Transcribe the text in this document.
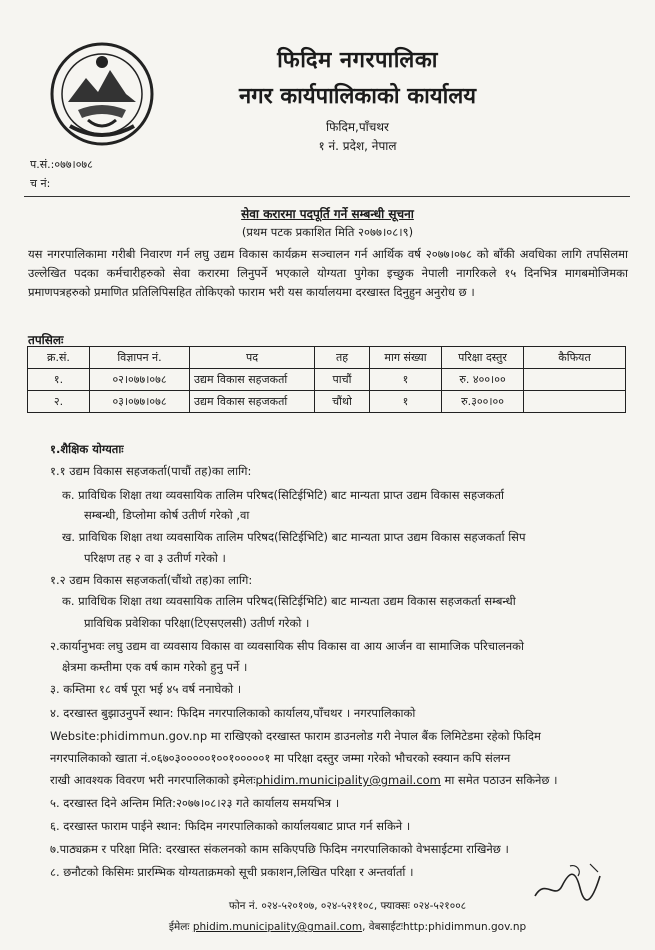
फिदिम नगरपालिका
नगर कार्यपालिकाको कार्यालय
फिदिम,पाँचथर
१ नं. प्रदेश, नेपाल
प.सं.:०७७।०७८
च नं:
सेवा करारमा पदपूर्ति गर्ने सम्बन्धी सूचना
(प्रथम पटक प्रकाशित मिति २०७७।०८।९)
यस नगरपालिकामा गरीबी निवारण गर्न लघु उद्यम विकास कार्यक्रम सञ्चालन गर्न आर्थिक वर्ष २०७७।०७८ को बाँकी अवधिका लागि तपसिलमा उल्लेखित पदका कर्मचारीहरुको सेवा करारमा लिनुपर्ने भएकाले योग्यता पुगेका इच्छुक नेपाली नागरिकले १५ दिनभित्र मागबमोजिमका प्रमाणपत्रहरुको प्रमाणित प्रतिलिपिसहित तोकिएको फाराम भरी यस कार्यालयमा दरखास्त दिनुहुन अनुरोध छ ।
तपसिलः
क्र.सं.	विज्ञापन नं.	पद	तह	माग संख्या	परिक्षा दस्तुर	कैफियत
१.	०२।०७७।०७८	उद्यम विकास सहजकर्ता	पाचौं	१	रु. ४००।००	
२.	०३।०७७।०७८	उद्यम विकास सहजकर्ता	चौंथो	१	रु.३००।००	
१.शैक्षिक योग्यताः
१.१ उद्यम विकास सहजकर्ता(पाचौं तह)का लागि:
क. प्राविधिक शिक्षा तथा व्यवसायिक तालिम परिषद(सिटिईभिटि) बाट मान्यता प्राप्त उद्यम विकास सहजकर्ता
सम्बन्धी, डिप्लोमा कोर्ष उतीर्ण गरेको ,वा
ख. प्राविधिक शिक्षा तथा व्यवसायिक तालिम परिषद(सिटिईभिटि) बाट मान्यता प्राप्त उद्यम विकास सहजकर्ता सिप
परिक्षण तह २ वा ३ उतीर्ण गरेको ।
१.२ उद्यम विकास सहजकर्ता(चौंथो तह)का लागि:
क. प्राविधिक शिक्षा तथा व्यवसायिक तालिम परिषद(सिटिईभिटि) बाट मान्यता उद्यम विकास सहजकर्ता सम्बन्धी
प्राविधिक प्रवेशिका परिक्षा(टिएसएलसी) उतीर्ण गरेको ।
२.कार्यानुभवः लघु उद्यम वा व्यवसाय विकास वा व्यवसायिक सीप विकास वा आय आर्जन वा सामाजिक परिचालनको
क्षेत्रमा कम्तीमा एक वर्ष काम गरेको हुनु पर्ने ।
३. कम्तिमा १८ वर्ष पूरा भई ४५ वर्ष ननाघेको ।
४. दरखास्त बुझाउनुपर्ने स्थान: फिदिम नगरपालिकाको कार्यालय,पाँचथर । नगरपालिकाको
Website:phidimmun.gov.np मा राखिएको दरखास्त फाराम डाउनलोड गरी नेपाल बैंक लिमिटेडमा रहेको फिदिम
नगरपालिकाको खाता नं.०६७०३०००००१००१०००००१ मा परिक्षा दस्तुर जम्मा गरेको भौचरको स्क्यान कपि संलग्न
राखी आवश्यक विवरण भरी नगरपालिकाको इमेलःphidim.municipality@gmail.com मा समेत पठाउन सकिनेछ ।
५. दरखास्त दिने अन्तिम मिति:२०७७।०८।२३ गते कार्यालय समयभित्र ।
६. दरखास्त फाराम पाईने स्थान: फिदिम नगरपालिकाको कार्यालयबाट प्राप्त गर्न सकिने ।
७.पाठ्यक्रम र परिक्षा मिति: दरखास्त संकलनको काम सकिएपछि फिदिम नगरपालिकाको वेभसाईटमा राखिनेछ ।
८. छनौटको किसिमः प्रारम्भिक योग्यताक्रमको सूची प्रकाशन,लिखित परिक्षा र अन्तर्वार्ता ।
फोन नं. ०२४-५२०१०७, ०२४-५२११०८, फ्याक्सः ०२४-५२१००८
ईमेलः phidim.municipality@gmail.com, वेबसाईटःhttp:phidimmun.gov.np
